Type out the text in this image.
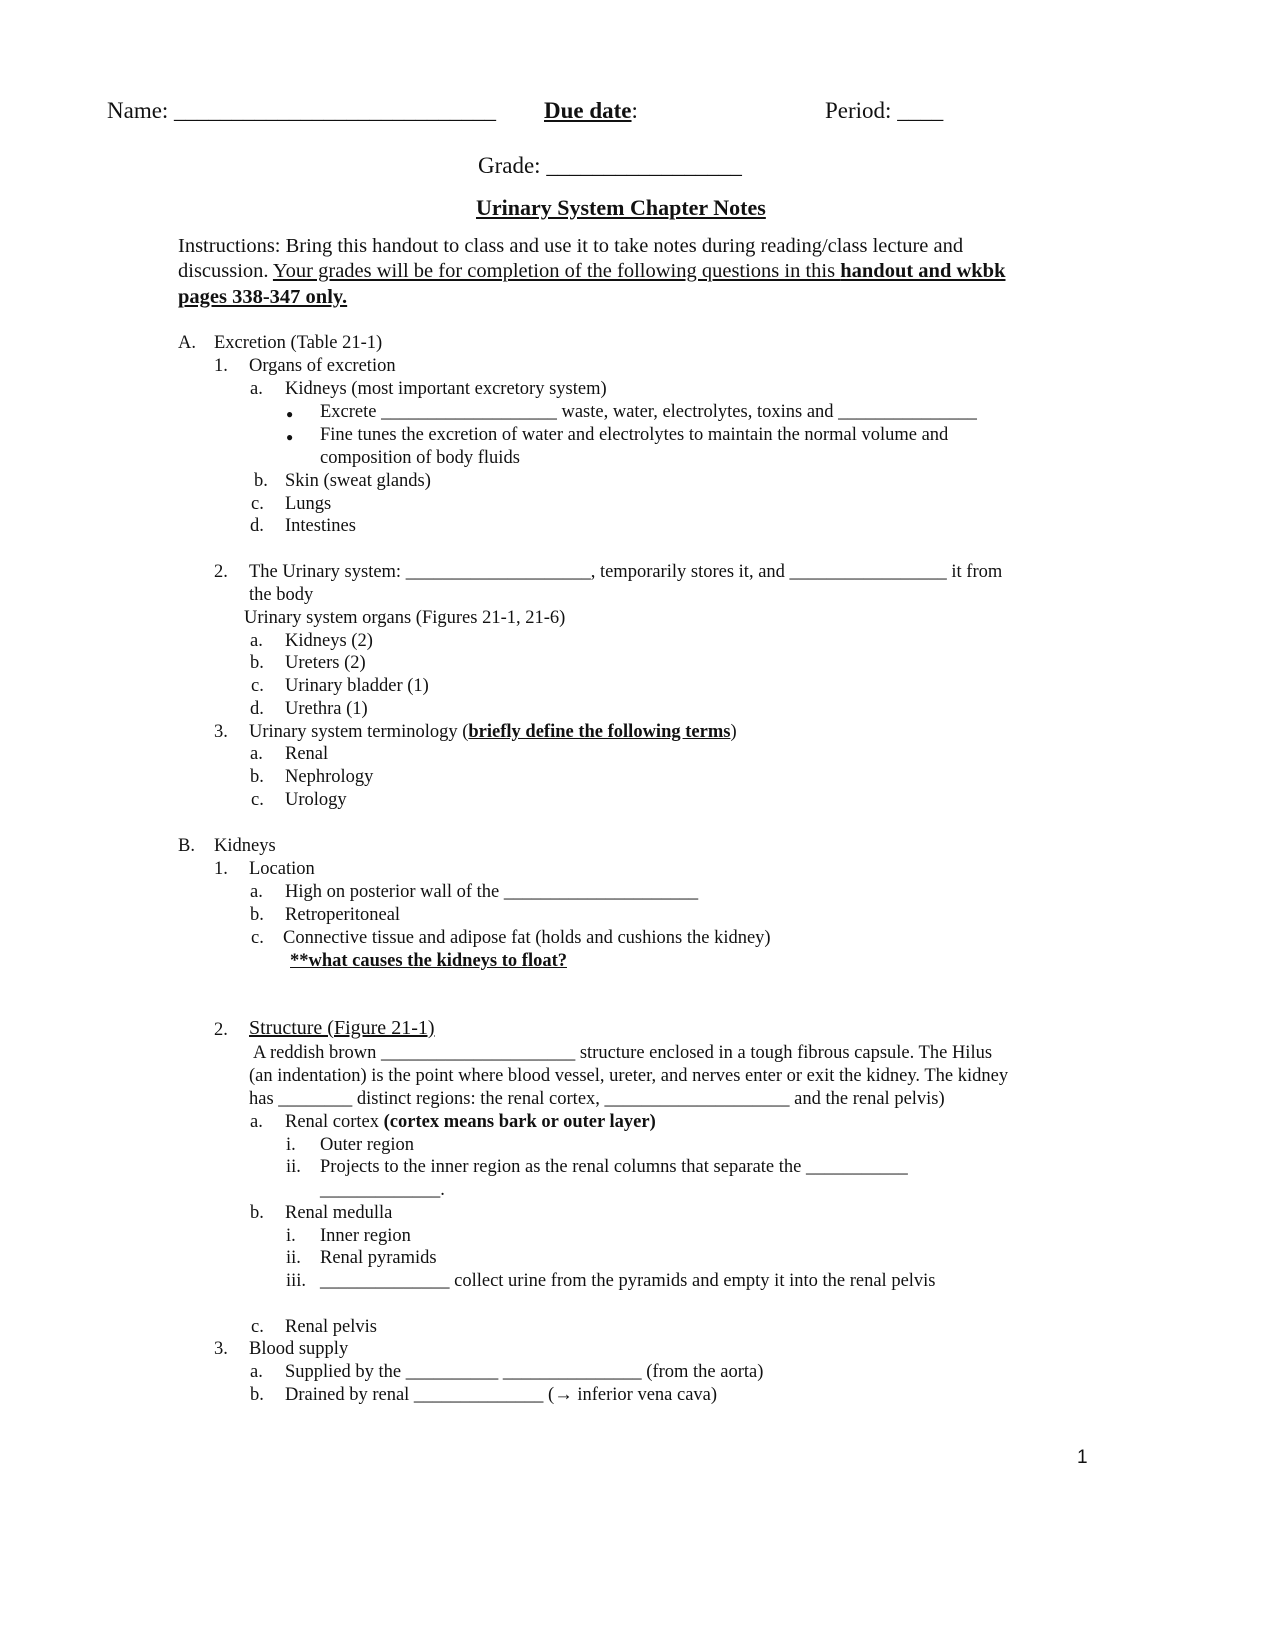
Name: ____________________________ Due date:	Period: ____
Grade: _________________
Urinary System Chapter Notes
Instructions: Bring this handout to class and use it to take notes during reading/class lecture and
discussion. Your grades will be for completion of the following questions in this handout and wkbk
pages 338-347 only.
A. Excretion (Table 21-1)
1. Organs of excretion
a. Kidneys (most important excretory system)
● Excrete ___________________ waste, water, electrolytes, toxins and _______________
● Fine tunes the excretion of water and electrolytes to maintain the normal volume and
composition of body fluids
b. Skin (sweat glands)
c. Lungs
d. Intestines
2. The Urinary system: ____________________, temporarily stores it, and _________________ it from
the body
Urinary system organs (Figures 21-1, 21-6)
a. Kidneys (2)
b. Ureters (2)
c. Urinary bladder (1)
d. Urethra (1)
3. Urinary system terminology (briefly define the following terms)
a. Renal
b. Nephrology
c. Urology
B. Kidneys
1. Location
a. High on posterior wall of the _____________________
b. Retroperitoneal
c. Connective tissue and adipose fat (holds and cushions the kidney)
**what causes the kidneys to float?
2. Structure (Figure 21-1)
A reddish brown _____________________ structure enclosed in a tough fibrous capsule. The Hilus
(an indentation) is the point where blood vessel, ureter, and nerves enter or exit the kidney. The kidney
has ________ distinct regions: the renal cortex, ____________________ and the renal pelvis)
a. Renal cortex (cortex means bark or outer layer)
i. Outer region
ii. Projects to the inner region as the renal columns that separate the ___________
_____________.
b. Renal medulla
i. Inner region
ii. Renal pyramids
iii. ______________ collect urine from the pyramids and empty it into the renal pelvis
c. Renal pelvis
3. Blood supply
a. Supplied by the __________ _______________ (from the aorta)
b. Drained by renal ______________ (→ inferior vena cava)
1
